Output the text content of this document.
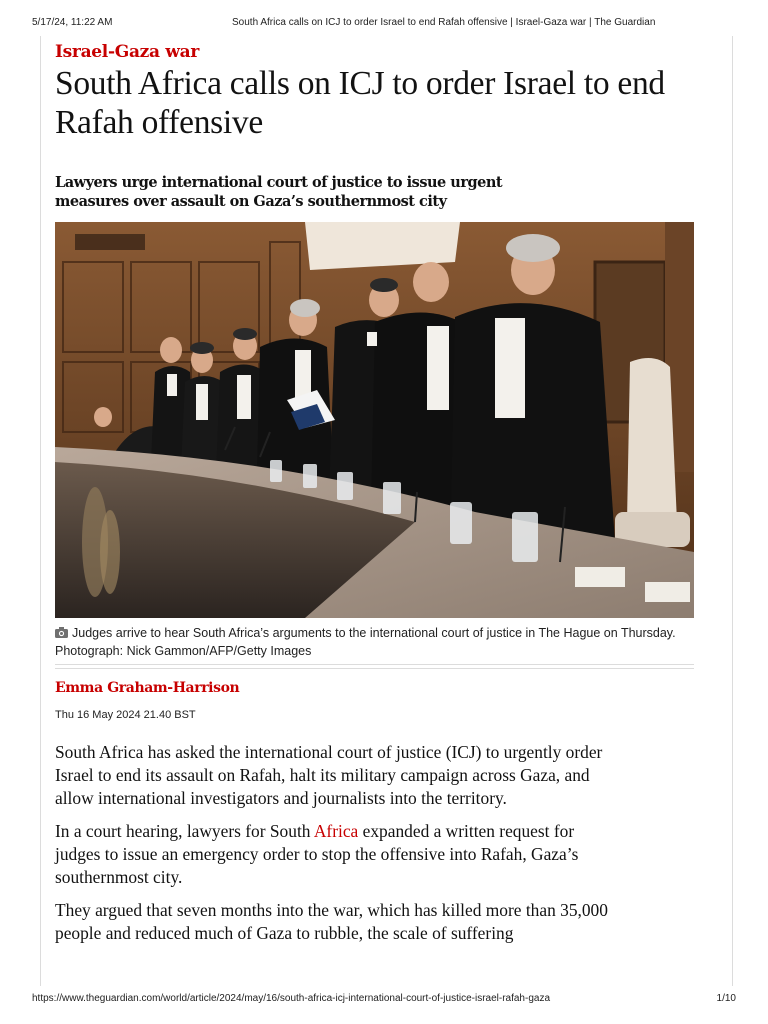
5/17/24, 11:22 AM	South Africa calls on ICJ to order Israel to end Rafah offensive | Israel-Gaza war | The Guardian
Israel-Gaza war
South Africa calls on ICJ to order Israel to end Rafah offensive

Lawyers urge international court of justice to issue urgent measures over assault on Gaza’s southernmost city

Judges arrive to hear South Africa’s arguments to the international court of justice in The Hague on Thursday. Photograph: Nick Gammon/AFP/Getty Images
Emma Graham-Harrison
Thu 16 May 2024 21.40 BST

South Africa has asked the international court of justice (ICJ) to urgently order Israel to end its assault on Rafah, halt its military campaign across Gaza, and allow international investigators and journalists into the territory.

In a court hearing, lawyers for South Africa expanded a written request for judges to issue an emergency order to stop the offensive into Rafah, Gaza’s southernmost city.

They argued that seven months into the war, which has killed more than 35,000 people and reduced much of Gaza to rubble, the scale of suffering

https://www.theguardian.com/world/article/2024/may/16/south-africa-icj-international-court-of-justice-israel-rafah-gaza	1/10
